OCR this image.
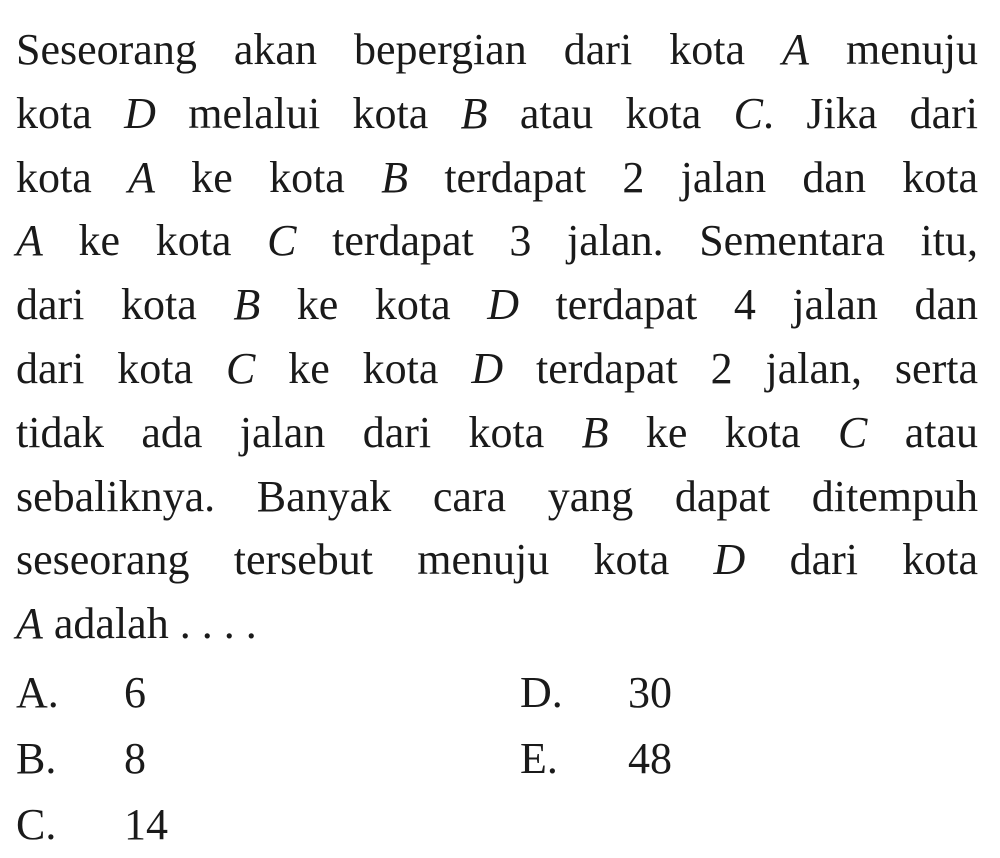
Seseorang akan bepergian dari kota A menuju
kota D melalui kota B atau kota C. Jika dari
kota A ke kota B terdapat 2 jalan dan kota
A ke kota C terdapat 3 jalan. Sementara itu,
dari kota B ke kota D terdapat 4 jalan dan
dari kota C ke kota D terdapat 2 jalan, serta
tidak ada jalan dari kota B ke kota C atau
sebaliknya. Banyak cara yang dapat ditempuh
seseorang tersebut menuju kota D dari kota
A adalah . . . .
A. 6
B. 8
C. 14
D. 30
E. 48
